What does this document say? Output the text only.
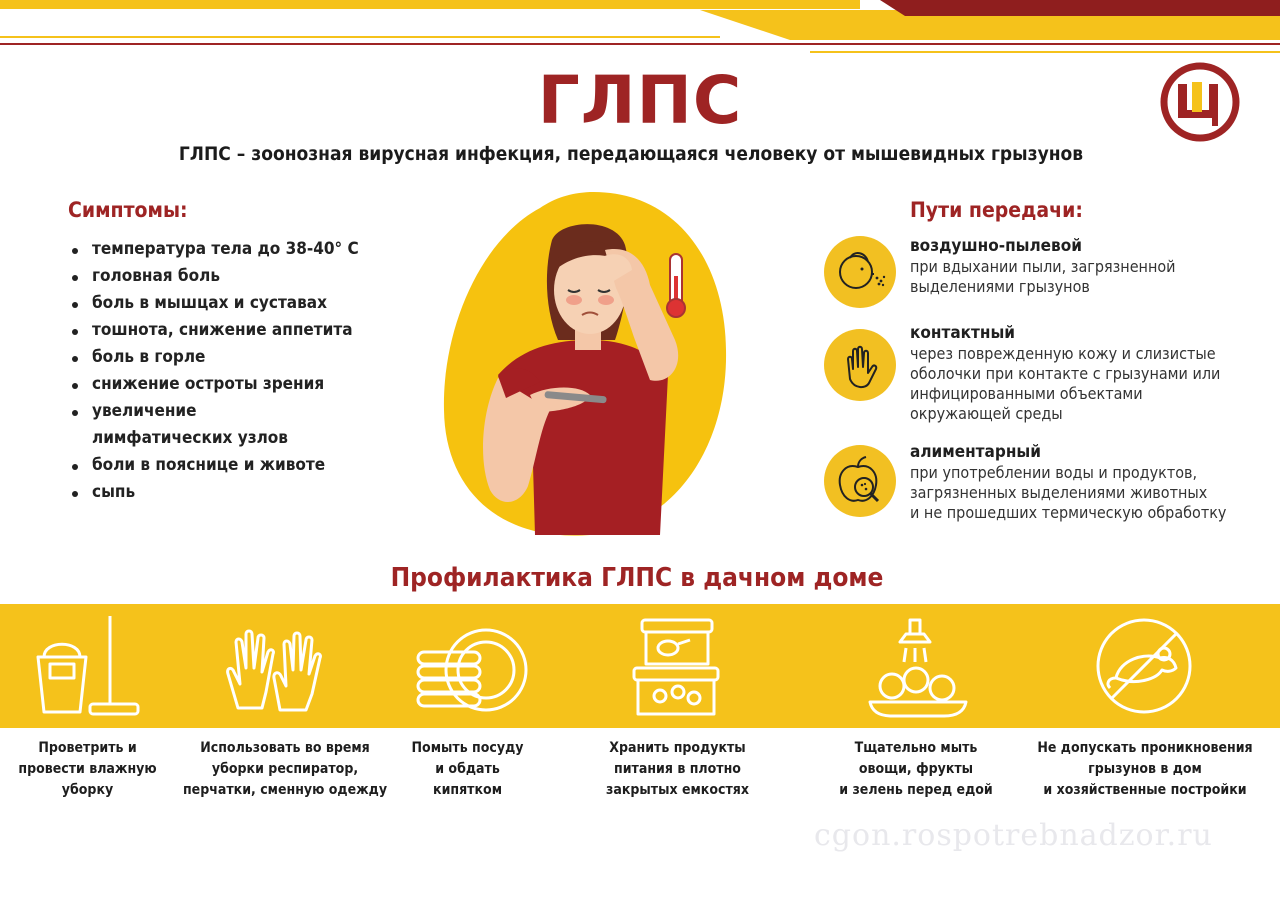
ГЛПС
ГЛПС – зоонозная вирусная инфекция, передающаяся человеку от мышевидных грызунов
Симптомы:
температура тела до 38-40° С
головная боль
боль в мышцах и суставах
тошнота, снижение аппетита
боль в горле
снижение остроты зрения
увеличение лимфатических узлов
боли в пояснице и животе
сыпь
Пути передачи:
воздушно-пылевой
при вдыхании пыли, загрязненной
выделениями грызунов
контактный
через поврежденную кожу и слизистые
оболочки при контакте с грызунами или
инфицированными объектами
окружающей среды
алиментарный
при употреблении воды и продуктов,
загрязненных выделениями животных
и не прошедших термическую обработку
Профилактика ГЛПС в дачном доме
Проветрить и
провести влажную
уборку
Использовать во время
уборки респиратор,
перчатки, сменную одежду
Помыть посуду
и обдать
кипятком
Хранить продукты
питания в плотно
закрытых емкостях
Тщательно мыть
овощи, фрукты
и зелень перед едой
Не допускать проникновения
грызунов в дом
и хозяйственные постройки
cgon.rospotrebnadzor.ru
